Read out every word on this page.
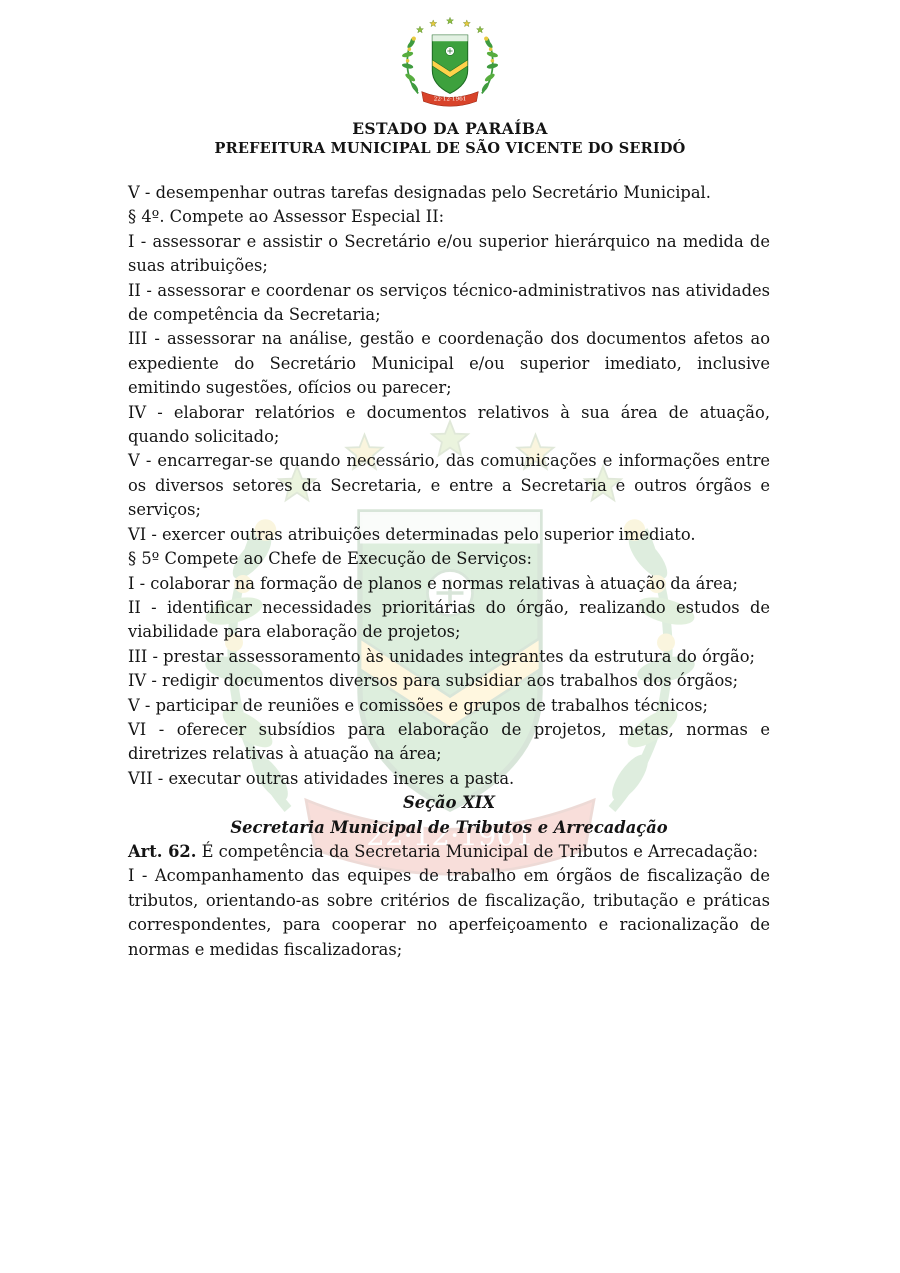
ESTADO DA PARAÍBA
PREFEITURA MUNICIPAL DE SÃO VICENTE DO SERIDÓ

V - desempenhar outras tarefas designadas pelo Secretário Municipal.

§ 4º. Compete ao Assessor Especial II:

I - assessorar e assistir o Secretário e/ou superior hierárquico na medida de suas atribuições;

II - assessorar e coordenar os serviços técnico-administrativos nas atividades de competência da Secretaria;

III - assessorar na análise, gestão e coordenação dos documentos afetos ao expediente do Secretário Municipal e/ou superior imediato, inclusive emitindo sugestões, ofícios ou parecer;

IV - elaborar relatórios e documentos relativos à sua área de atuação, quando solicitado;

V - encarregar-se quando necessário, das comunicações e informações entre os diversos setores da Secretaria, e entre a Secretaria e outros órgãos e serviços;

VI - exercer outras atribuições determinadas pelo superior imediato.

§ 5º Compete ao Chefe de Execução de Serviços:

I - colaborar na formação de planos e normas relativas à atuação da área;

II - identificar necessidades prioritárias do órgão, realizando estudos de viabilidade para elaboração de projetos;

III - prestar assessoramento às unidades integrantes da estrutura do órgão;

IV - redigir documentos diversos para subsidiar aos trabalhos dos órgãos;

V - participar de reuniões e comissões e grupos de trabalhos técnicos;

VI - oferecer subsídios para elaboração de projetos, metas, normas e diretrizes relativas à atuação na área;

VII - executar outras atividades ineres a pasta.

Seção XIX

Secretaria Municipal de Tributos e Arrecadação

Art. 62. É competência da Secretaria Municipal de Tributos e Arrecadação:

I - Acompanhamento das equipes de trabalho em órgãos de fiscalização de tributos, orientando-as sobre critérios de fiscalização, tributação e práticas correspondentes, para cooperar no aperfeiçoamento e racionalização de normas e medidas fiscalizadoras;
